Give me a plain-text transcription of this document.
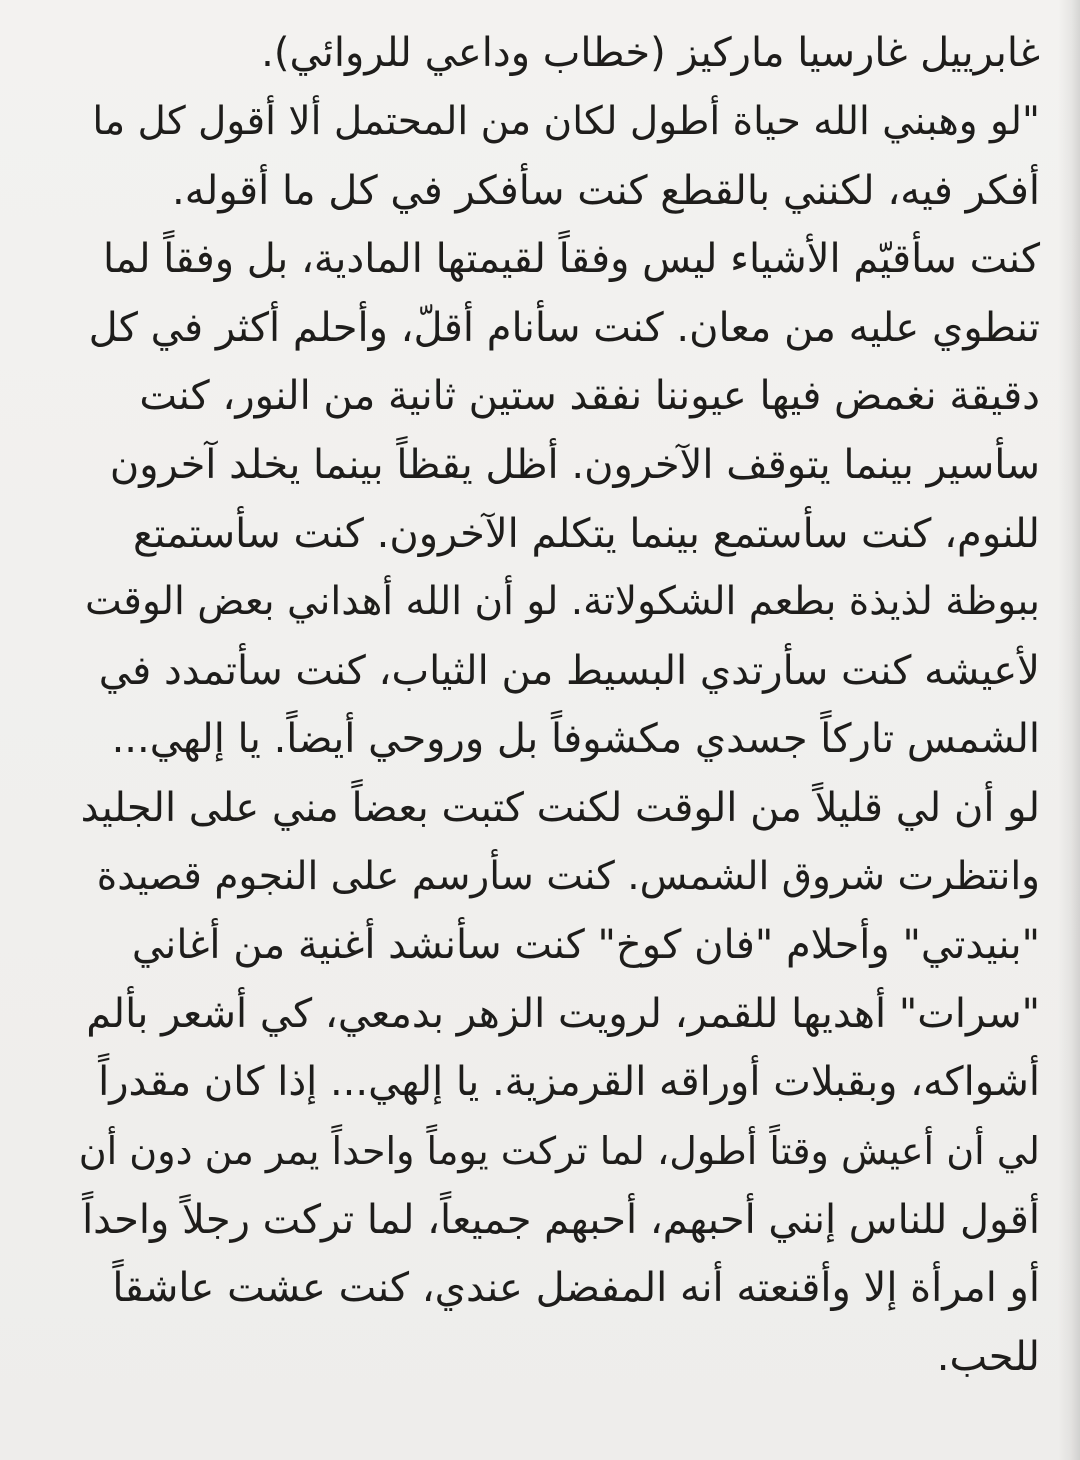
غابرييل غارسيا ماركيز (خطاب وداعي للروائي).
"لو وهبني الله حياة أطول لكان من المحتمل ألا أقول كل ما
أفكر فيه، لكنني بالقطع كنت سأفكر في كل ما أقوله.
كنت سأقيّم الأشياء ليس وفقاً لقيمتها المادية، بل وفقاً لما
تنطوي عليه من معان. كنت سأنام أقلّ، وأحلم أكثر في كل
دقيقة نغمض فيها عيوننا نفقد ستين ثانية من النور، كنت
سأسير بينما يتوقف الآخرون. أظل يقظاً بينما يخلد آخرون
للنوم، كنت سأستمع بينما يتكلم الآخرون. كنت سأستمتع
ببوظة لذيذة بطعم الشكولاتة. لو أن الله أهداني بعض الوقت
لأعيشه كنت سأرتدي البسيط من الثياب، كنت سأتمدد في
الشمس تاركاً جسدي مكشوفاً بل وروحي أيضاً. يا إلهي...
لو أن لي قليلاً من الوقت لكنت كتبت بعضاً مني على الجليد
وانتظرت شروق الشمس. كنت سأرسم على النجوم قصيدة
"بنيدتي" وأحلام "فان كوخ" كنت سأنشد أغنية من أغاني
"سرات" أهديها للقمر، لرويت الزهر بدمعي، كي أشعر بألم
أشواكه، وبقبلات أوراقه القرمزية. يا إلهي... إذا كان مقدراً
لي أن أعيش وقتاً أطول، لما تركت يوماً واحداً يمر من دون أن
أقول للناس إنني أحبهم، أحبهم جميعاً، لما تركت رجلاً واحداً
أو امرأة إلا وأقنعته أنه المفضل عندي، كنت عشت عاشقاً
للحب.
